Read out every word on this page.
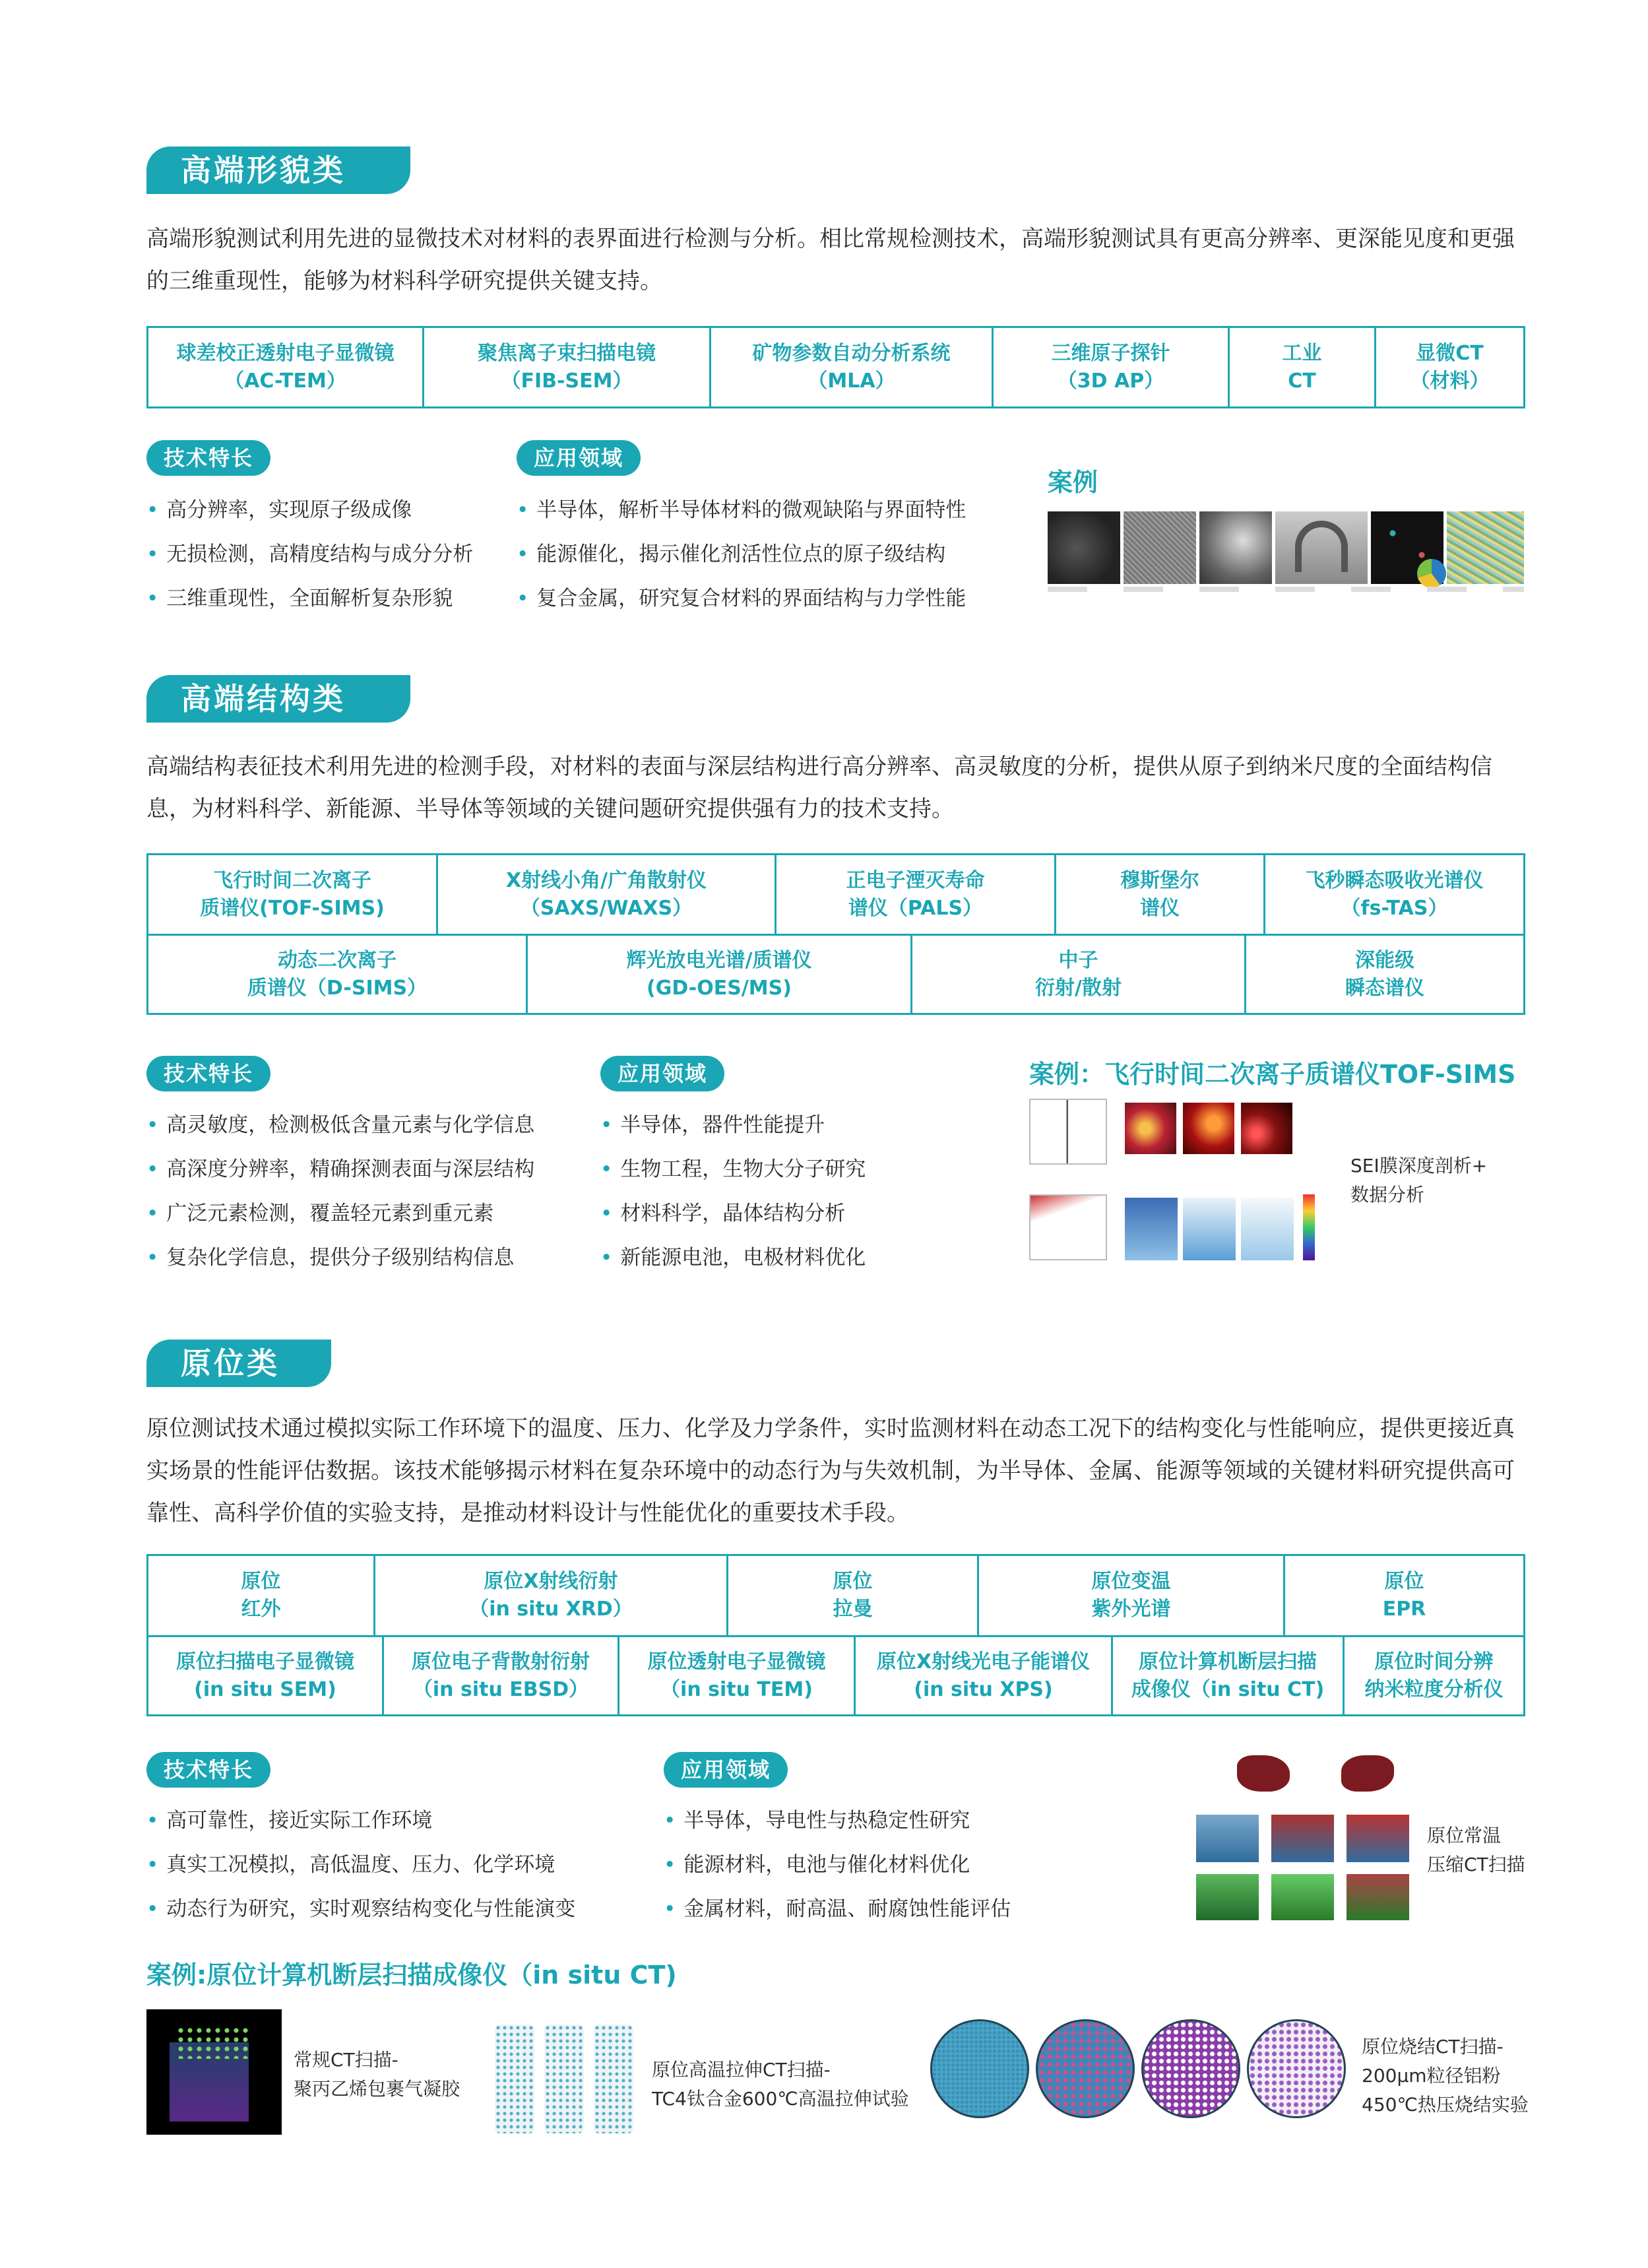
高端形貌类
高端形貌测试利用先进的显微技术对材料的表界面进行检测与分析。相比常规检测技术，高端形貌测试具有更高分辨率、更深能见度和更强的三维重现性，能够为材料科学研究提供关键支持。
球差校正透射电子显微镜
（AC-TEM）
聚焦离子束扫描电镜
（FIB-SEM）
矿物参数自动分析系统
（MLA）
三维原子探针
（3D AP）
工业
CT
显微CT
（材料）
技术特长
• 高分辨率，实现原子级成像
• 无损检测，高精度结构与成分分析
• 三维重现性，全面解析复杂形貌
应用领域
• 半导体，解析半导体材料的微观缺陷与界面特性
• 能源催化，揭示催化剂活性位点的原子级结构
• 复合金属，研究复合材料的界面结构与力学性能
案例
高端结构类
高端结构表征技术利用先进的检测手段，对材料的表面与深层结构进行高分辨率、高灵敏度的分析，提供从原子到纳米尺度的全面结构信息，为材料科学、新能源、半导体等领域的关键问题研究提供强有力的技术支持。
飞行时间二次离子
质谱仪(TOF-SIMS)
X射线小角/广角散射仪
（SAXS/WAXS）
正电子湮灭寿命
谱仪（PALS）
穆斯堡尔
谱仪
飞秒瞬态吸收光谱仪
（fs-TAS）
动态二次离子
质谱仪（D-SIMS）
辉光放电光谱/质谱仪
(GD-OES/MS)
中子
衍射/散射
深能级
瞬态谱仪
技术特长
• 高灵敏度，检测极低含量元素与化学信息
• 高深度分辨率，精确探测表面与深层结构
• 广泛元素检测，覆盖轻元素到重元素
• 复杂化学信息，提供分子级别结构信息
应用领域
• 半导体，器件性能提升
• 生物工程，生物大分子研究
• 材料科学，晶体结构分析
• 新能源电池，电极材料优化
案例：飞行时间二次离子质谱仪TOF-SIMS
SEI膜深度剖析+
数据分析
原位类
原位测试技术通过模拟实际工作环境下的温度、压力、化学及力学条件，实时监测材料在动态工况下的结构变化与性能响应，提供更接近真实场景的性能评估数据。该技术能够揭示材料在复杂环境中的动态行为与失效机制，为半导体、金属、能源等领域的关键材料研究提供高可靠性、高科学价值的实验支持，是推动材料设计与性能优化的重要技术手段。
原位
红外
原位X射线衍射
（in situ XRD）
原位
拉曼
原位变温
紫外光谱
原位
EPR
原位扫描电子显微镜
(in situ SEM)
原位电子背散射衍射
（in situ EBSD）
原位透射电子显微镜
（in situ TEM)
原位X射线光电子能谱仪
(in situ XPS)
原位计算机断层扫描
成像仪（in situ CT)
原位时间分辨
纳米粒度分析仪
技术特长
• 高可靠性，接近实际工作环境
• 真实工况模拟，高低温度、压力、化学环境
• 动态行为研究，实时观察结构变化与性能演变
应用领域
• 半导体，导电性与热稳定性研究
• 能源材料，电池与催化材料优化
• 金属材料，耐高温、耐腐蚀性能评估
原位常温
压缩CT扫描
案例:原位计算机断层扫描成像仪（in situ CT)
常规CT扫描-
聚丙乙烯包裹气凝胶
原位高温拉伸CT扫描-
TC4钛合金600℃高温拉伸试验
原位烧结CT扫描-
200μm粒径铝粉
450℃热压烧结实验
